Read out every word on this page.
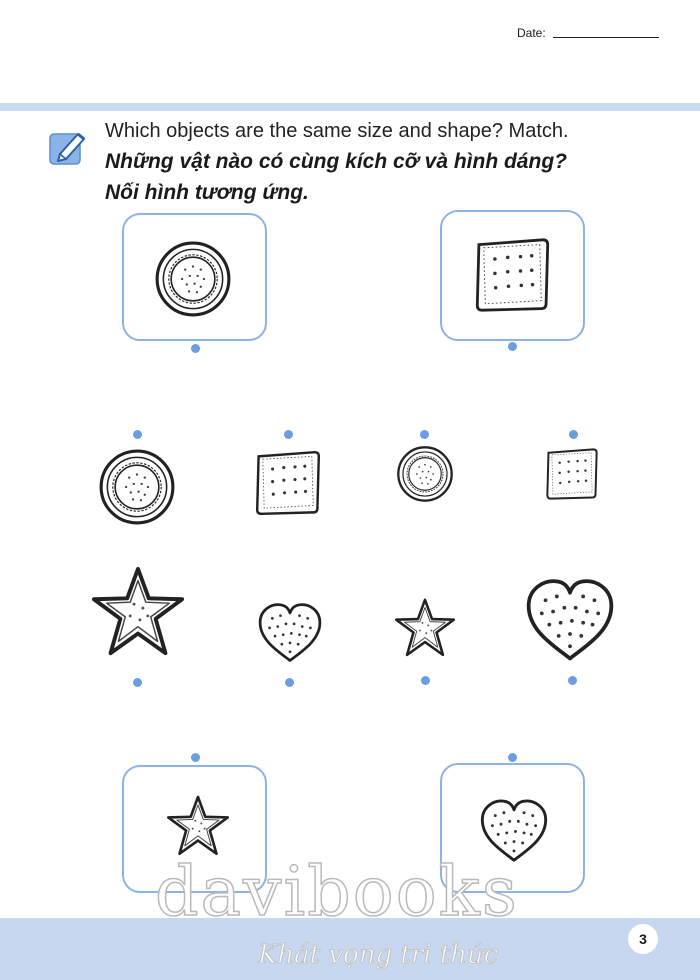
Date:
Which objects are the same size and shape? Match.
Những vật nào có cùng kích cỡ và hình dáng?
Nối hình tương ứng.
davibooks
Khát vọng tri thức
3
